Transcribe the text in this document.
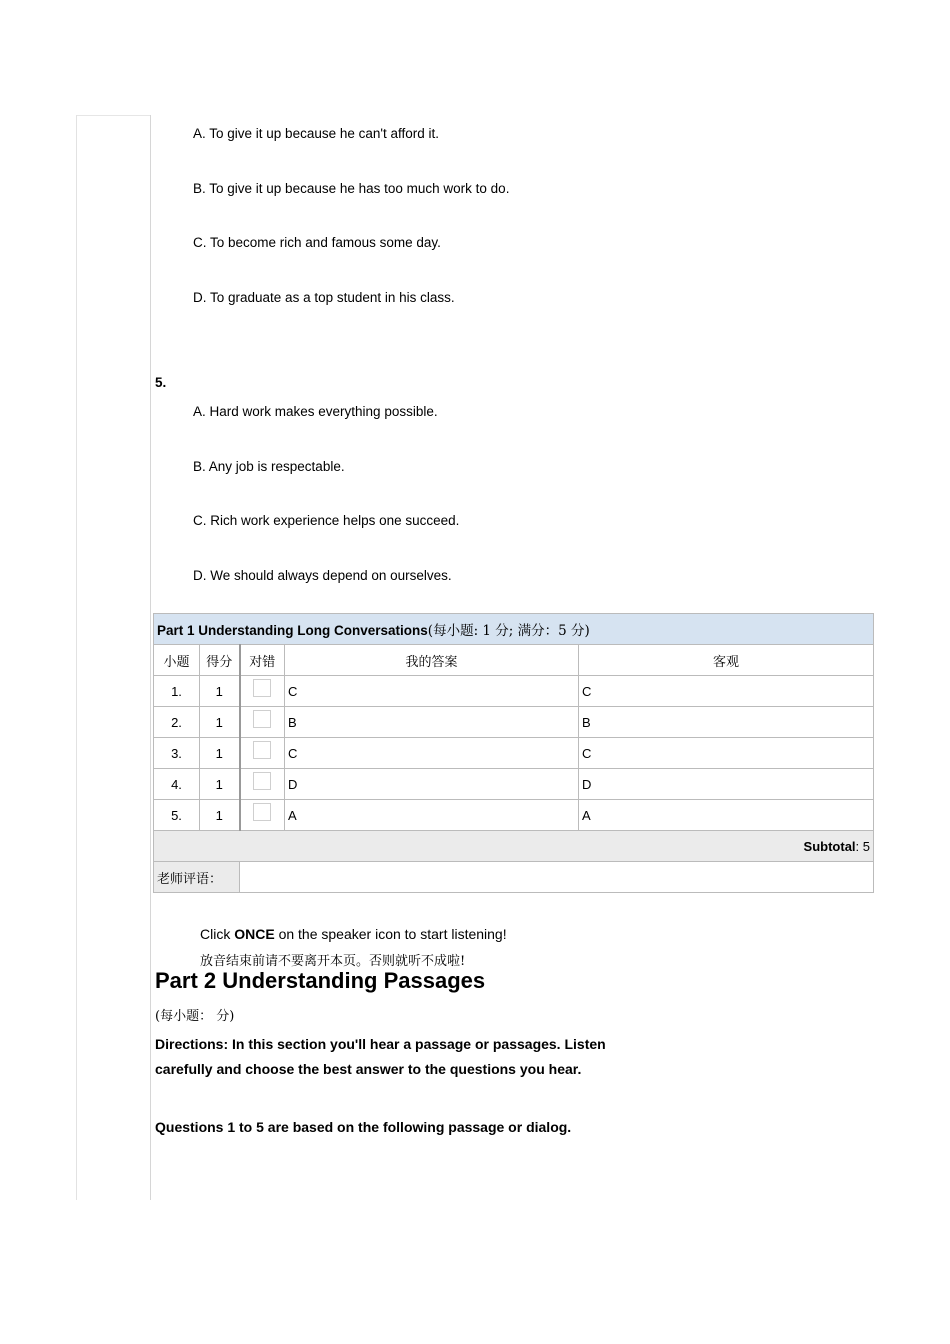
A. To give it up because he can't afford it.
B. To give it up because he has too much work to do.
C. To become rich and famous some day.
D. To graduate as a top student in his class.
5.
A. Hard work makes everything possible.
B. Any job is respectable.
C. Rich work experience helps one succeed.
D. We should always depend on ourselves.
Part 1 Understanding Long Conversations(每小题: 1 分; 满分：5 分)				
小题	得分	对错	我的答案	客观
1.	1		C	C
2.	1		B	B
3.	1		C	C
4.	1		D	D
5.	1		A	A
Subtotal: 5				
老师评语：				
Click ONCE on the speaker icon to start listening!
放音结束前请不要离开本页。否则就听不成啦!
Part 2 Understanding Passages
(每小题： 分)
Directions: In this section you'll hear a passage or passages. Listen carefully and choose the best answer to the questions you hear.
Questions 1 to 5 are based on the following passage or dialog.
